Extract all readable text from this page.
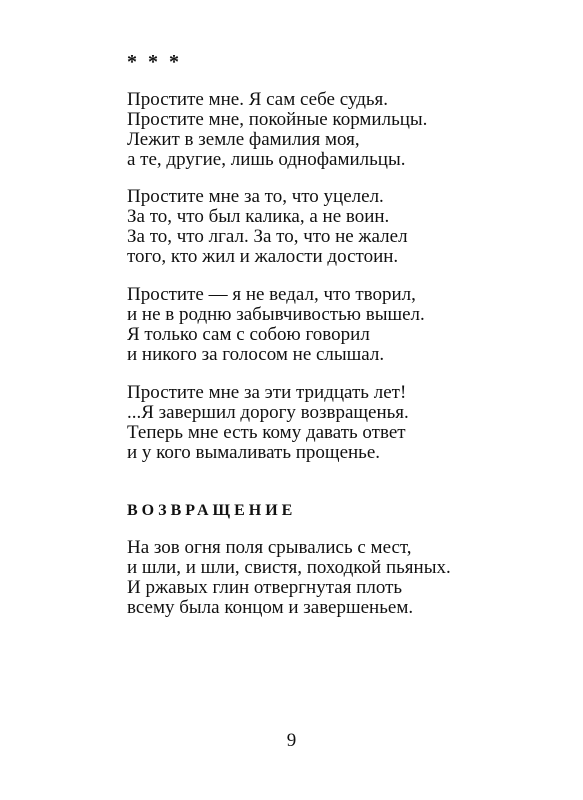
* * *
Простите мне. Я сам себе судья.
Простите мне, покойные кормильцы.
Лежит в земле фамилия моя,
а те, другие, лишь однофамильцы.
Простите мне за то, что уцелел.
За то, что был калика, а не воин.
За то, что лгал. За то, что не жалел
того, кто жил и жалости достоин.
Простите — я не ведал, что творил,
и не в родню забывчивостью вышел.
Я только сам с собою говорил
и никого за голосом не слышал.
Простите мне за эти тридцать лет!
...Я завершил дорогу возвращенья.
Теперь мне есть кому давать ответ
и у кого вымаливать прощенье.
ВОЗВРАЩЕНИЕ
На зов огня поля срывались с мест,
и шли, и шли, свистя, походкой пьяных.
И ржавых глин отвергнутая плоть
всему была концом и завершеньем.
9
